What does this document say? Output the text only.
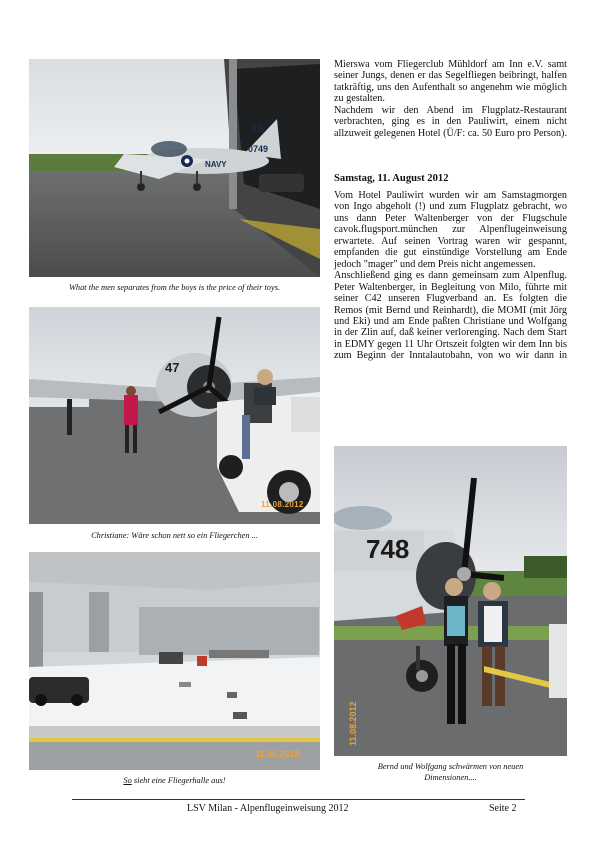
2S
0749
NAVY
What the men separates from the boys is the price of their toys.
47
11.08.2012
Christiane: Wäre schon nett so ein Fliegerchen ...
11.08.2012
So sieht eine Fliegerhalle aus!
748
11.08.2012
Bernd und Wolfgang schwärmen von neuen
Dimensionen....

Mierswa vom Fliegerclub Mühldorf am Inn e.V. samt seiner Jungs, denen er das Segelfliegen beibringt, halfen tatkräftig, uns den Aufenthalt so angenehm wie möglich zu gestalten.

Nachdem wir den Abend im Flugplatz-Restaurant verbrachten, ging es in den Pauliwirt, einem nicht allzuweit gelegenen Hotel (Ü/F: ca. 50 Euro pro Person).

Samstag, 11. August 2012

Vom Hotel Pauliwirt wurden wir am Samstagmorgen von Ingo abgeholt (!) und zum Flugplatz gebracht, wo uns dann Peter Waltenberger von der Flugschule cavok.flugsport.münchen zur Alpenflugeinweisung erwartete. Auf seinen Vortrag waren wir gespannt, empfanden die gut einstündige Vorstellung am Ende jedoch "mager" und dem Preis nicht angemessen.

Anschließend ging es dann gemeinsam zum Alpenflug. Peter Waltenberger, in Begleitung von Milo, führte mit seiner C42 unseren Flugverband an. Es folgten die Remos (mit Bernd und Reinhardt), die MOMI (mit Jörg und Eki) und am Ende paßten Christiane und Wolfgang in der Zlin auf, daß keiner verlorenging. Nach dem Start in EDMY gegen 11 Uhr Ortszeit folgten wir dem Inn bis zum Beginn der Inntalautobahn, von wo wir dann in

LSV Milan - Alpenflugeinweisung 2012	Seite 2
